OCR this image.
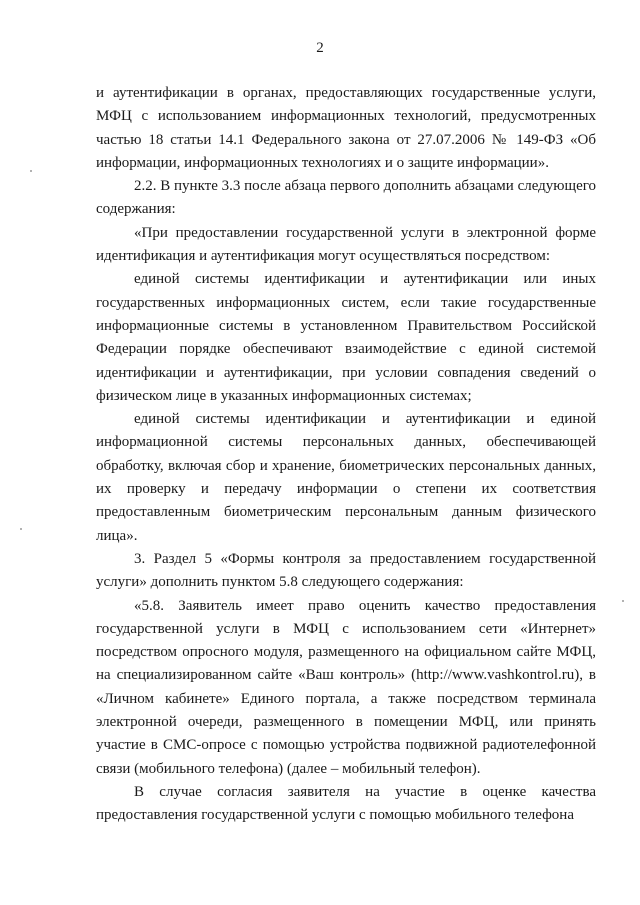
2

и аутентификации в органах, предоставляющих государственные услуги, МФЦ с использованием информационных технологий, предусмотренных частью 18 статьи 14.1 Федерального закона от 27.07.2006 № 149-ФЗ «Об информации, информационных технологиях и о защите информации».

2.2. В пункте 3.3 после абзаца первого дополнить абзацами следующего содержания:

«При предоставлении государственной услуги в электронной форме идентификация и аутентификация могут осуществляться посредством:

единой системы идентификации и аутентификации или иных государственных информационных систем, если такие государственные информационные системы в установленном Правительством Российской Федерации порядке обеспечивают взаимодействие с единой системой идентификации и аутентификации, при условии совпадения сведений о физическом лице в указанных информационных системах;

единой системы идентификации и аутентификации и единой информационной системы персональных данных, обеспечивающей обработку, включая сбор и хранение, биометрических персональных данных, их проверку и передачу информации о степени их соответствия предоставленным биометрическим персональным данным физического лица».

3. Раздел 5 «Формы контроля за предоставлением государственной услуги» дополнить пунктом 5.8 следующего содержания:

«5.8. Заявитель имеет право оценить качество предоставления государственной услуги в МФЦ с использованием сети «Интернет» посредством опросного модуля, размещенного на официальном сайте МФЦ, на специализированном сайте «Ваш контроль» (http://www.vashkontrol.ru), в «Личном кабинете» Единого портала, а также посредством терминала электронной очереди, размещенного в помещении МФЦ, или принять участие в СМС-опросе с помощью устройства подвижной радиотелефонной связи (мобильного телефона) (далее – мобильный телефон).

В случае согласия заявителя на участие в оценке качества предоставления государственной услуги с помощью мобильного телефона
